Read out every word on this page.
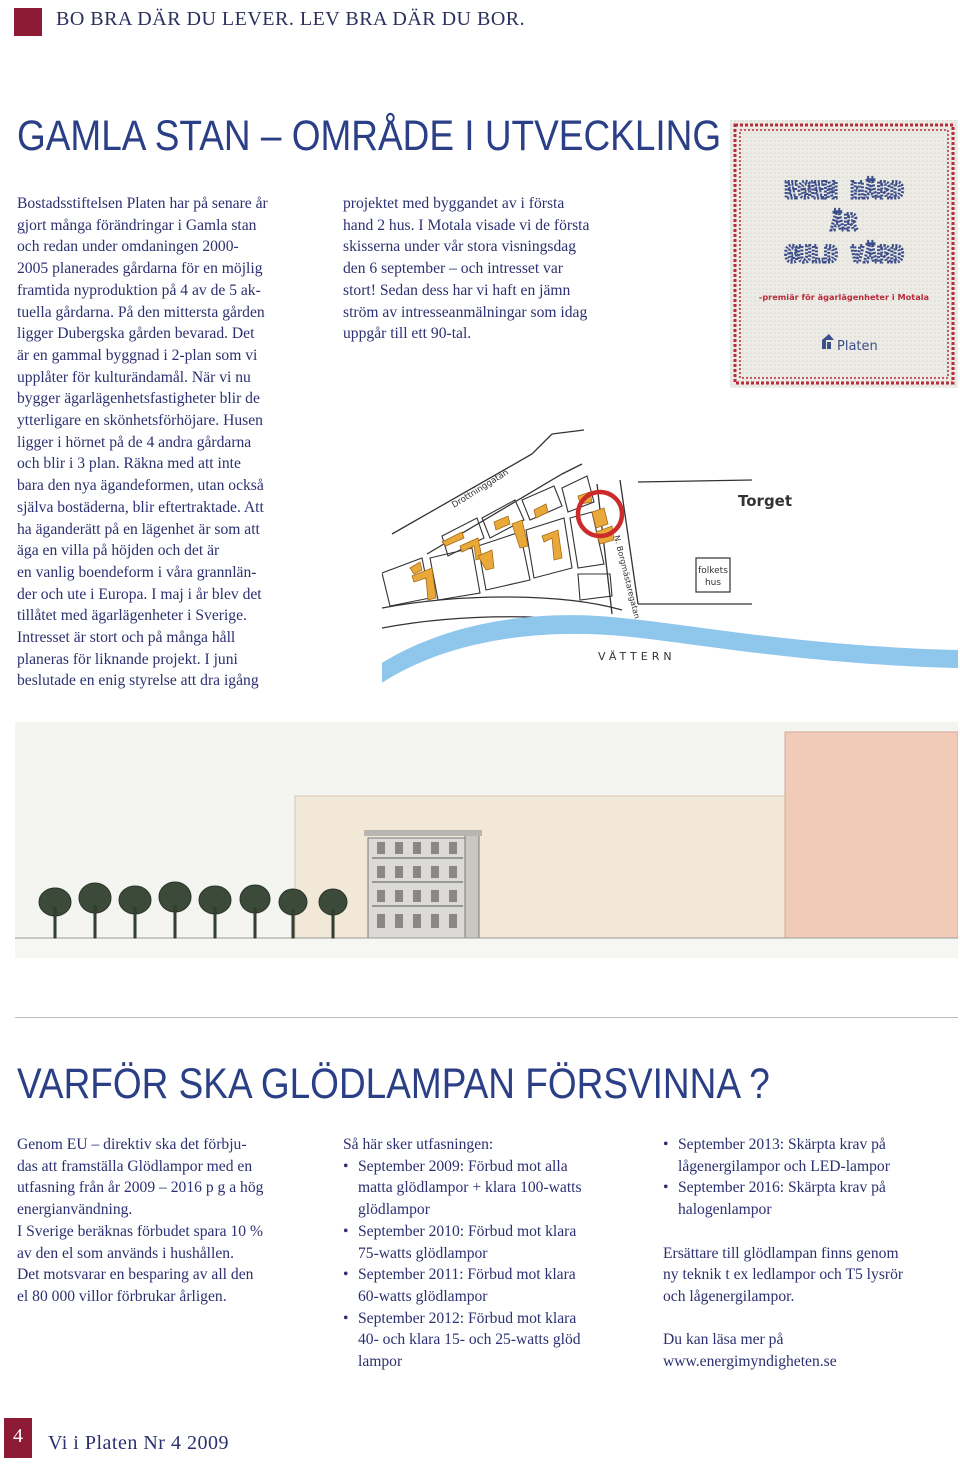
BO BRA DÄR DU LEVER. LEV BRA DÄR DU BOR.
GAMLA STAN – OMRÅDE I UTVECKLING

Bostadsstiftelsen Platen har på senare år

gjort många förändringar i Gamla stan

och redan under omdaningen 2000-

2005 planerades gårdarna för en möjlig

framtida nyproduktion på 4 av de 5 ak-

tuella gårdarna. På den mittersta gården

ligger Dubergska gården bevarad. Det

är en gammal byggnad i 2-plan som vi

upplåter för kulturändamål. När vi nu

bygger ägarlägenhetsfastigheter blir de

ytterligare en skönhetsförhöjare. Husen

ligger i hörnet på de 4 andra gårdarna

och blir i 3 plan. Räkna med att inte

bara den nya ägandeformen, utan också

själva bostäderna, blir eftertraktade. Att

ha äganderätt på en lägenhet är som att

äga en villa på höjden och det är

en vanlig boendeform i våra grannlän-

der och ute i Europa. I maj i år blev det

tillåtet med ägarlägenheter i Sverige.

Intresset är stort och på många håll

planeras för liknande projekt. I juni

beslutade en enig styrelse att dra igång

projektet med byggandet av i första

hand 2 hus. I Motala visade vi de första

skisserna under vår stora visningsdag

den 6 september – och intresset var

stort! Sedan dess har vi haft en jämn

ström av intresseanmälningar som idag

uppgår till ett 90-tal.

EGEN HÄRD
ÄR
GULD VÄRD
-premiär för ägarlägenheter i Motala
Platen
Drottninggatan
N. Borgmästaregatan
Torget
folkets
hus
VÄTTERN
VARFÖR SKA GLÖDLAMPAN FÖRSVINNA ?

Genom EU – direktiv ska det förbju-

das att framställa Glödlampor med en

utfasning från år 2009 – 2016 p g a hög

energianvändning.

I Sverige beräknas förbudet spara 10 %

av den el som används i hushållen.

Det motsvarar en besparing av all den

el 80 000 villor förbrukar årligen.

Så här sker utfasningen:

• September 2009: Förbud mot alla

matta glödlampor + klara 100-watts

glödlampor

• September 2010: Förbud mot klara

75-watts glödlampor

• September 2011: Förbud mot klara

60-watts glödlampor

• September 2012: Förbud mot klara

40- och klara 15- och 25-watts glöd

lampor

• September 2013: Skärpta krav på

lågenergilampor och LED-lampor

• September 2016: Skärpta krav på

halogenlampor

Ersättare till glödlampan finns genom

ny teknik t ex ledlampor och T5 lysrör

och lågenergilampor.

Du kan läsa mer på

www.energimyndigheten.se

4	Vi i Platen Nr 4 2009
